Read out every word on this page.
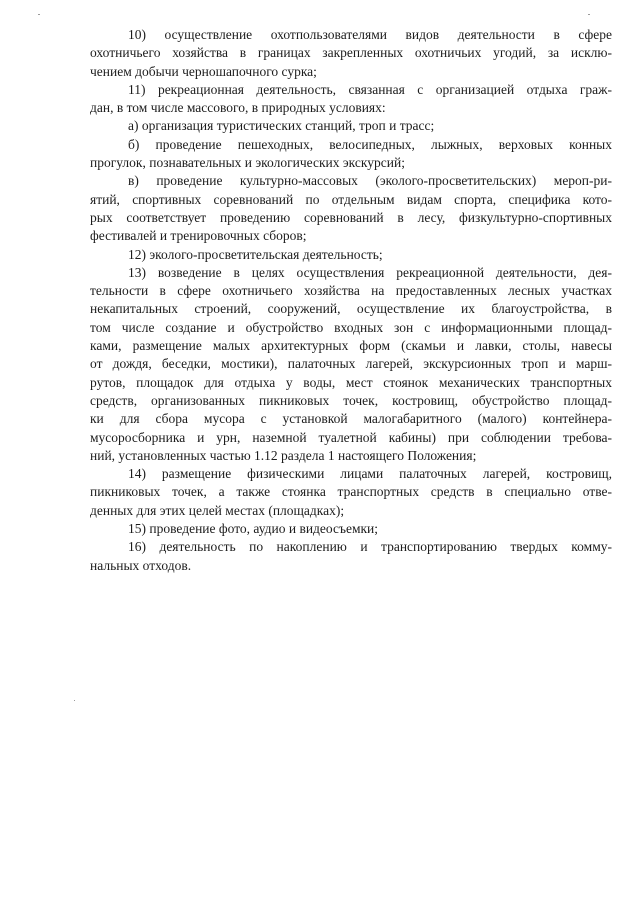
10) осуществление охотпользователями видов деятельности в сфере
охотничьего хозяйства в границах закрепленных охотничьих угодий, за исклю-
чением добычи черношапочного сурка;
11) рекреационная деятельность, связанная с организацией отдыха граж-
дан, в том числе массового, в природных условиях:
а) организация туристических станций, троп и трасс;
б) проведение пешеходных, велосипедных, лыжных, верховых конных
прогулок, познавательных и экологических экскурсий;
в) проведение культурно-массовых (эколого-просветительских) мероп-ри-
ятий, спортивных соревнований по отдельным видам спорта, специфика кото-
рых соответствует проведению соревнований в лесу, физкультурно-спортивных
фестивалей и тренировочных сборов;
12) эколого-просветительская деятельность;
13) возведение в целях осуществления рекреационной деятельности, дея-
тельности в сфере охотничьего хозяйства на предоставленных лесных участках
некапитальных строений, сооружений, осуществление их благоустройства, в
том числе создание и обустройство входных зон с информационными площад-
ками, размещение малых архитектурных форм (скамьи и лавки, столы, навесы
от дождя, беседки, мостики), палаточных лагерей, экскурсионных троп и марш-
рутов, площадок для отдыха у воды, мест стоянок механических транспортных
средств, организованных пикниковых точек, кострoвищ, обустройство площад-
ки для сбора мусора с установкой малогабаритного (малого) контейнера-
мусоросборника и урн, наземной туалетной кабины) при соблюдении требова-
ний, установленных частью 1.12 раздела 1 настоящего Положения;
14) размещение физическими лицами палаточных лагерей, кострoвищ,
пикниковых точек, а также стоянка транспортных средств в специально отве-
денных для этих целей местах (площадках);
15) проведение фото, аудио и видеосъемки;
16) деятельность по накоплению и транспортированию твердых комму-
нальных отходов.
